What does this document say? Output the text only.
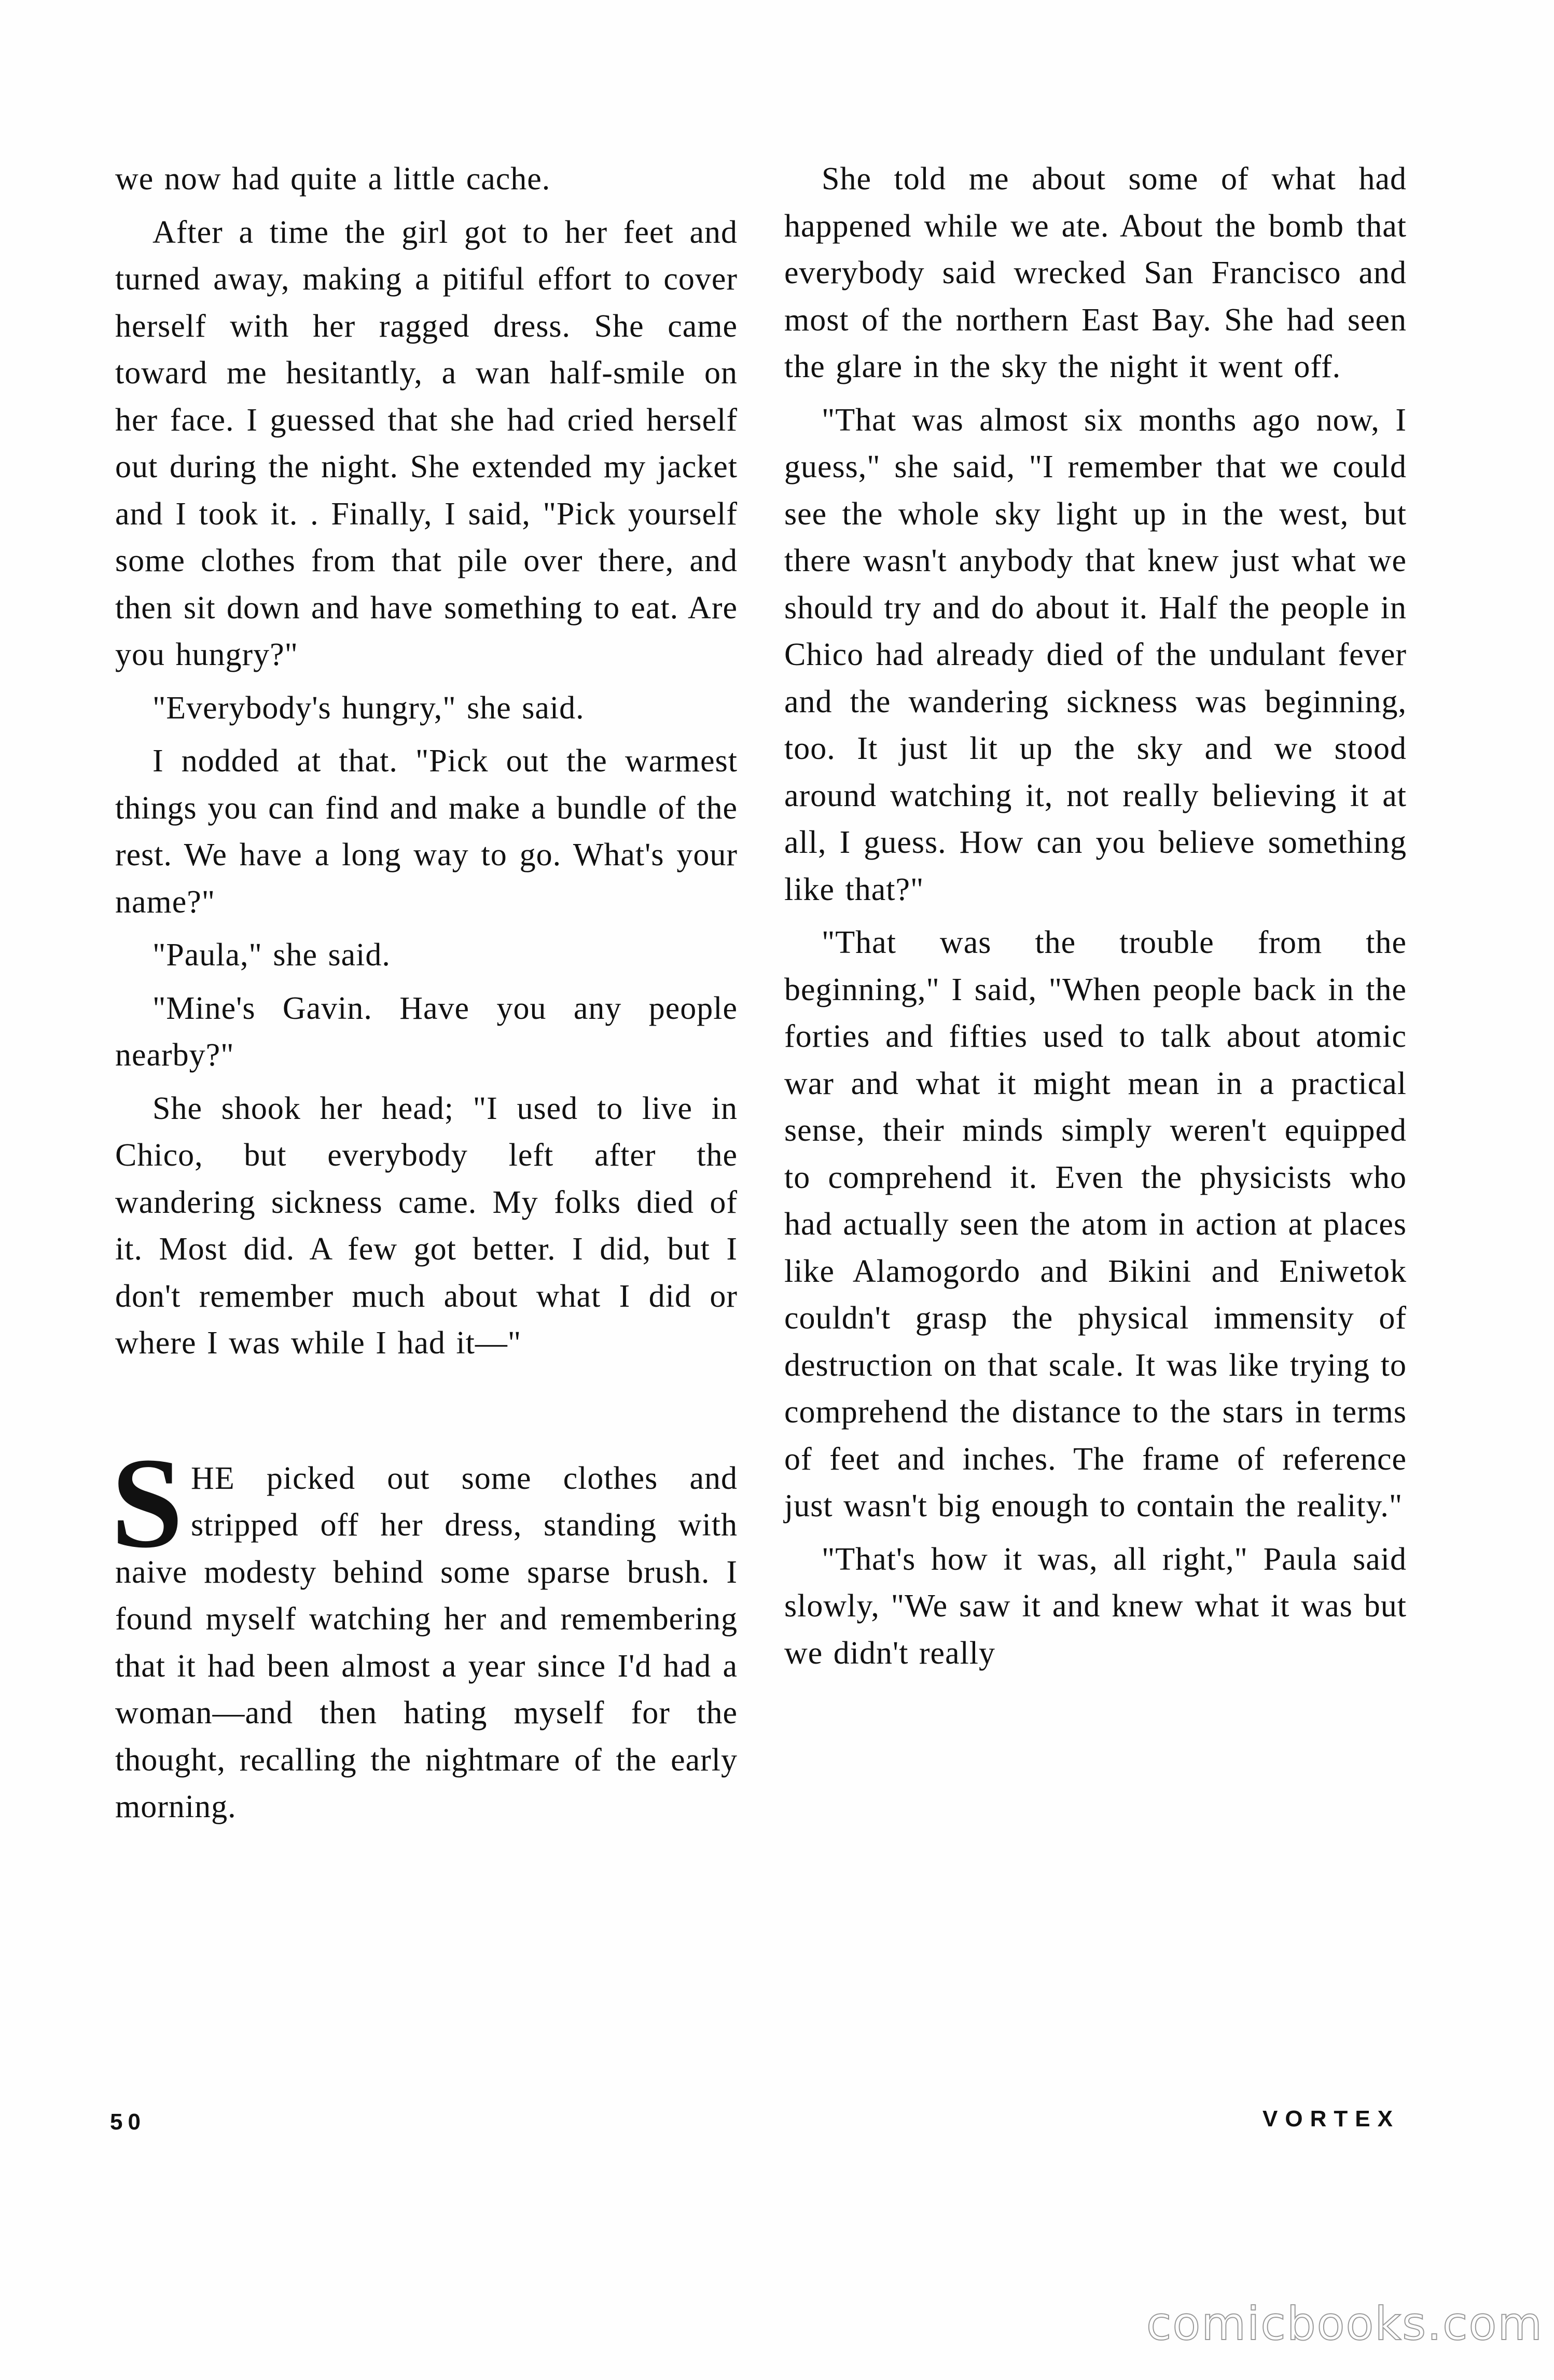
we now had quite a little cache.

After a time the girl got to her feet and turned away, making a pitiful effort to cover herself with her ragged dress. She came toward me hesitantly, a wan half-smile on her face. I guessed that she had cried herself out during the night. She extended my jacket and I took it. . Finally, I said, "Pick yourself some clothes from that pile over there, and then sit down and have something to eat. Are you hungry?"

"Everybody's hungry," she said.

I nodded at that. "Pick out the warmest things you can find and make a bundle of the rest. We have a long way to go. What's your name?"

"Paula," she said.

"Mine's Gavin. Have you any people nearby?"

She shook her head; "I used to live in Chico, but everybody left after the wandering sickness came. My folks died of it. Most did. A few got better. I did, but I don't remember much about what I did or where I was while I had it—"

SHE picked out some clothes and stripped off her dress, standing with naive modesty behind some sparse brush. I found myself watching her and remembering that it had been almost a year since I'd had a woman—and then hating myself for the thought, recalling the nightmare of the early morning.

She told me about some of what had happened while we ate. About the bomb that everybody said wrecked San Francisco and most of the northern East Bay. She had seen the glare in the sky the night it went off.

"That was almost six months ago now, I guess," she said, "I remember that we could see the whole sky light up in the west, but there wasn't anybody that knew just what we should try and do about it. Half the people in Chico had already died of the undulant fever and the wandering sickness was beginning, too. It just lit up the sky and we stood around watching it, not really believing it at all, I guess. How can you believe something like that?"

"That was the trouble from the beginning," I said, "When people back in the forties and fifties used to talk about atomic war and what it might mean in a practical sense, their minds simply weren't equipped to comprehend it. Even the physicists who had actually seen the atom in action at places like Alamogordo and Bikini and Eniwetok couldn't grasp the physical immensity of destruction on that scale. It was like trying to comprehend the distance to the stars in terms of feet and inches. The frame of reference just wasn't big enough to contain the reality."

"That's how it was, all right," Paula said slowly, "We saw it and knew what it was but we didn't really

50	VORTEX
comicbooks.com
